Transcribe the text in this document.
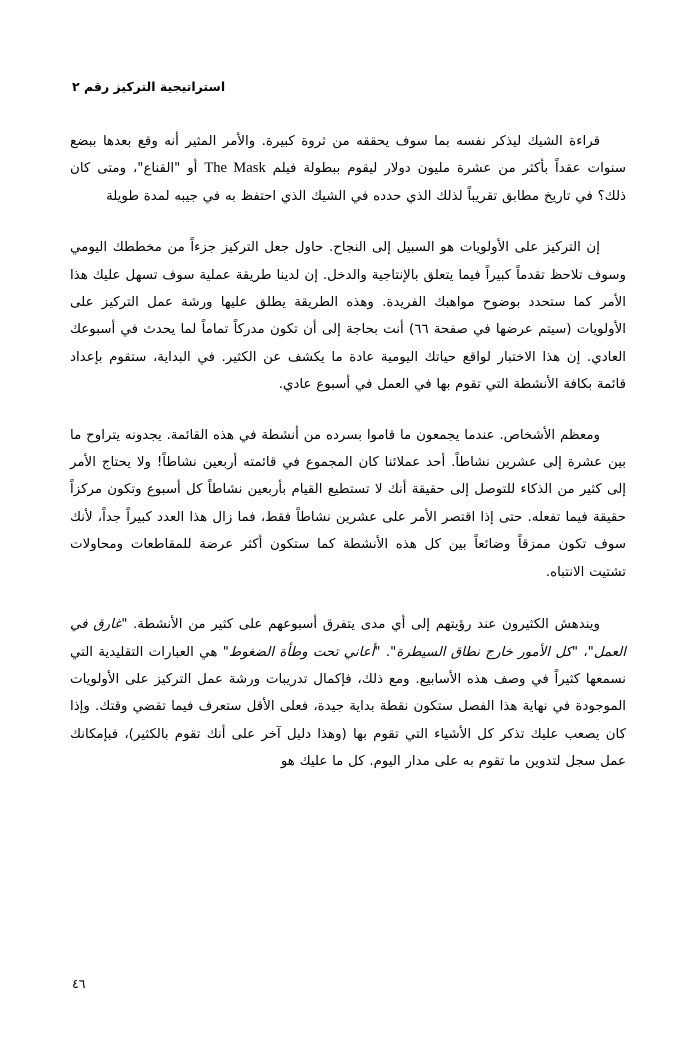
استراتيجية التركيز رقم ٢

قراءة الشيك ليذكر نفسه بما سوف يحققه من ثروة كبيرة. والأمر المثير أنه وقع بعدها ببضع سنوات عقداً بأكثر من عشرة مليون دولار ليقوم ببطولة فيلم The Mask أو "القناع"، ومتى كان ذلك؟ في تاريخ مطابق تقريباً لذلك الذي حدده في الشيك الذي احتفظ به في جيبه لمدة طويلة

إن التركيز على الأولويات هو السبيل إلى النجاح. حاول جعل التركيز جزءاً من مخططك اليومي وسوف تلاحظ تقدماً كبيراً فيما يتعلق بالإنتاجية والدخل. إن لدينا طريقة عملية سوف تسهل عليك هذا الأمر كما ستحدد بوضوح مواهبك الفريدة. وهذه الطريقة يطلق عليها ورشة عمل التركيز على الأولويات (سيتم عرضها في صفحة ٦٦) أنت بحاجة إلى أن تكون مدركاً تماماً لما يحدث في أسبوعك العادي. إن هذا الاختبار لواقع حياتك اليومية عادة ما يكشف عن الكثير. في البداية، ستقوم بإعداد قائمة بكافة الأنشطة التي تقوم بها في العمل في أسبوع عادي.

ومعظم الأشخاص. عندما يجمعون ما قاموا بسرده من أنشطة في هذه القائمة. يجدونه يتراوح ما بين عشرة إلى عشرين نشاطاً. أحد عملائنا كان المجموع في قائمته أربعين نشاطاً! ولا يحتاج الأمر إلى كثير من الذكاء للتوصل إلى حقيقة أنك لا تستطيع القيام بأربعين نشاطاً كل أسبوع وتكون مركزاً حقيقة فيما تفعله. حتى إذا اقتصر الأمر على عشرين نشاطاً فقط، فما زال هذا العدد كبيراً جداً، لأنك سوف تكون ممزقاً وضائعاً بين كل هذه الأنشطة كما ستكون أكثر عرضة للمقاطعات ومحاولات تشتيت الانتباه.

ويندهش الكثيرون عند رؤيتهم إلى أي مدى يتفرق أسبوعهم على كثير من الأنشطة. "غارق في العمل"، "كل الأمور خارج نطاق السيطرة". "أعاني تحت وطأة الضغوط" هي العبارات التقليدية التي نسمعها كثيراً في وصف هذه الأسابيع. ومع ذلك، فإكمال تدريبات ورشة عمل التركيز على الأولويات الموجودة في نهاية هذا الفصل ستكون نقطة بداية جيدة، فعلى الأقل ستعرف فيما تقضي وقتك. وإذا كان يصعب عليك تذكر كل الأشياء التي تقوم بها (وهذا دليل آخر على أنك تقوم بالكثير)، فبإمكانك عمل سجل لتدوين ما تقوم به على مدار اليوم. كل ما عليك هو

٤٦
